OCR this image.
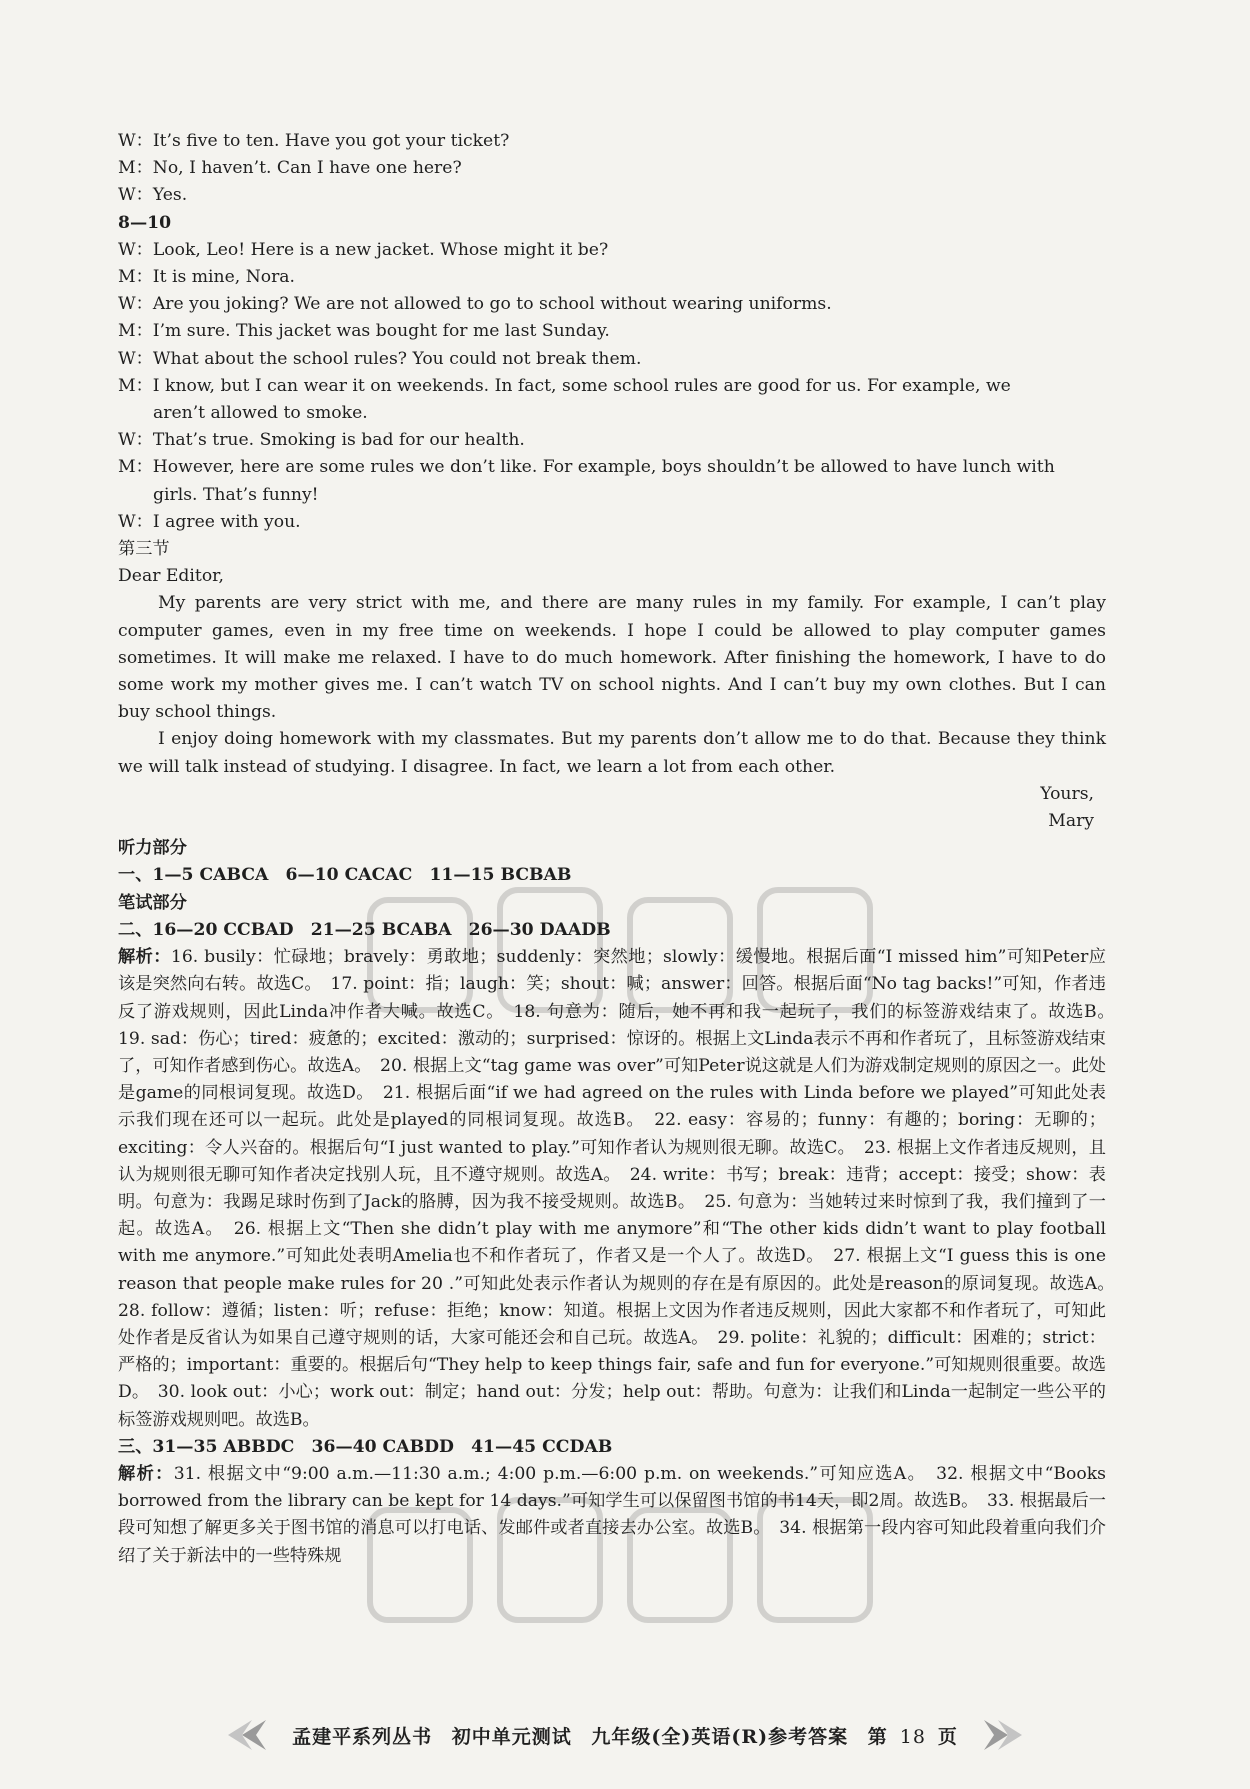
W：It’s five to ten. Have you got your ticket?
M：No, I haven’t. Can I have one here?
W：Yes.
8—10
W：Look, Leo! Here is a new jacket. Whose might it be?
M：It is mine, Nora.
W：Are you joking? We are not allowed to go to school without wearing uniforms.
M：I’m sure. This jacket was bought for me last Sunday.
W：What about the school rules? You could not break them.
M：I know, but I can wear it on weekends. In fact, some school rules are good for us. For example, we
aren’t allowed to smoke.
W：That’s true. Smoking is bad for our health.
M：However, here are some rules we don’t like. For example, boys shouldn’t be allowed to have lunch with
girls. That’s funny!
W：I agree with you.
第三节
Dear Editor,
My parents are very strict with me, and there are many rules in my family. For example, I can’t play computer games, even in my free time on weekends. I hope I could be allowed to play computer games sometimes. It will make me relaxed. I have to do much homework. After finishing the homework, I have to do some work my mother gives me. I can’t watch TV on school nights. And I can’t buy my own clothes. But I can buy school things.
I enjoy doing homework with my classmates. But my parents don’t allow me to do that. Because they think we will talk instead of studying. I disagree. In fact, we learn a lot from each other.
Yours,
Mary
听力部分
一、1—5 CABCA　6—10 CACAC　11—15 BCBAB
笔试部分
二、16—20 CCBAD　21—25 BCABA　26—30 DAADB
解析：16. busily：忙碌地；bravely：勇敢地；suddenly：突然地；slowly：缓慢地。根据后面“I missed him”可知Peter应该是突然向右转。故选C。　17. point：指；laugh：笑；shout：喊；answer：回答。根据后面“No tag backs!”可知，作者违反了游戏规则，因此Linda冲作者大喊。故选C。　18. 句意为：随后，她不再和我一起玩了，我们的标签游戏结束了。故选B。　19. sad：伤心；tired：疲惫的；excited：激动的；surprised：惊讶的。根据上文Linda表示不再和作者玩了，且标签游戏结束了，可知作者感到伤心。故选A。　20. 根据上文“tag game was over”可知Peter说这就是人们为游戏制定规则的原因之一。此处是game的同根词复现。故选D。　21. 根据后面“if we had agreed on the rules with Linda before we played”可知此处表示我们现在还可以一起玩。此处是played的同根词复现。故选B。　22. easy：容易的；funny：有趣的；boring：无聊的；exciting：令人兴奋的。根据后句“I just wanted to play.”可知作者认为规则很无聊。故选C。　23. 根据上文作者违反规则，且认为规则很无聊可知作者决定找别人玩，且不遵守规则。故选A。　24. write：书写；break：违背；accept：接受；show：表明。句意为：我踢足球时伤到了Jack的胳膊，因为我不接受规则。故选B。　25. 句意为：当她转过来时惊到了我，我们撞到了一起。故选A。　26. 根据上文“Then she didn’t play with me anymore”和“The other kids didn’t want to play football with me anymore.”可知此处表明Amelia也不和作者玩了，作者又是一个人了。故选D。　27. 根据上文“I guess this is one reason that people make rules for 20 .”可知此处表示作者认为规则的存在是有原因的。此处是reason的原词复现。故选A。　28. follow：遵循；listen：听；refuse：拒绝；know：知道。根据上文因为作者违反规则，因此大家都不和作者玩了，可知此处作者是反省认为如果自己遵守规则的话，大家可能还会和自己玩。故选A。　29. polite：礼貌的；difficult：困难的；strict：严格的；important：重要的。根据后句“They help to keep things fair, safe and fun for everyone.”可知规则很重要。故选D。　30. look out：小心；work out：制定；hand out：分发；help out：帮助。句意为：让我们和Linda一起制定一些公平的标签游戏规则吧。故选B。
三、31—35 ABBDC　36—40 CABDD　41—45 CCDAB
解析：31. 根据文中“9:00 a.m.—11:30 a.m.; 4:00 p.m.—6:00 p.m. on weekends.”可知应选A。　32. 根据文中“Books borrowed from the library can be kept for 14 days.”可知学生可以保留图书馆的书14天，即2周。故选B。　33. 根据最后一段可知想了解更多关于图书馆的消息可以打电话、发邮件或者直接去办公室。故选B。　34. 根据第一段内容可知此段着重向我们介绍了关于新法中的一些特殊规
孟建平系列丛书 初中单元测试 九年级(全)英语(R)参考答案 第 18 页
